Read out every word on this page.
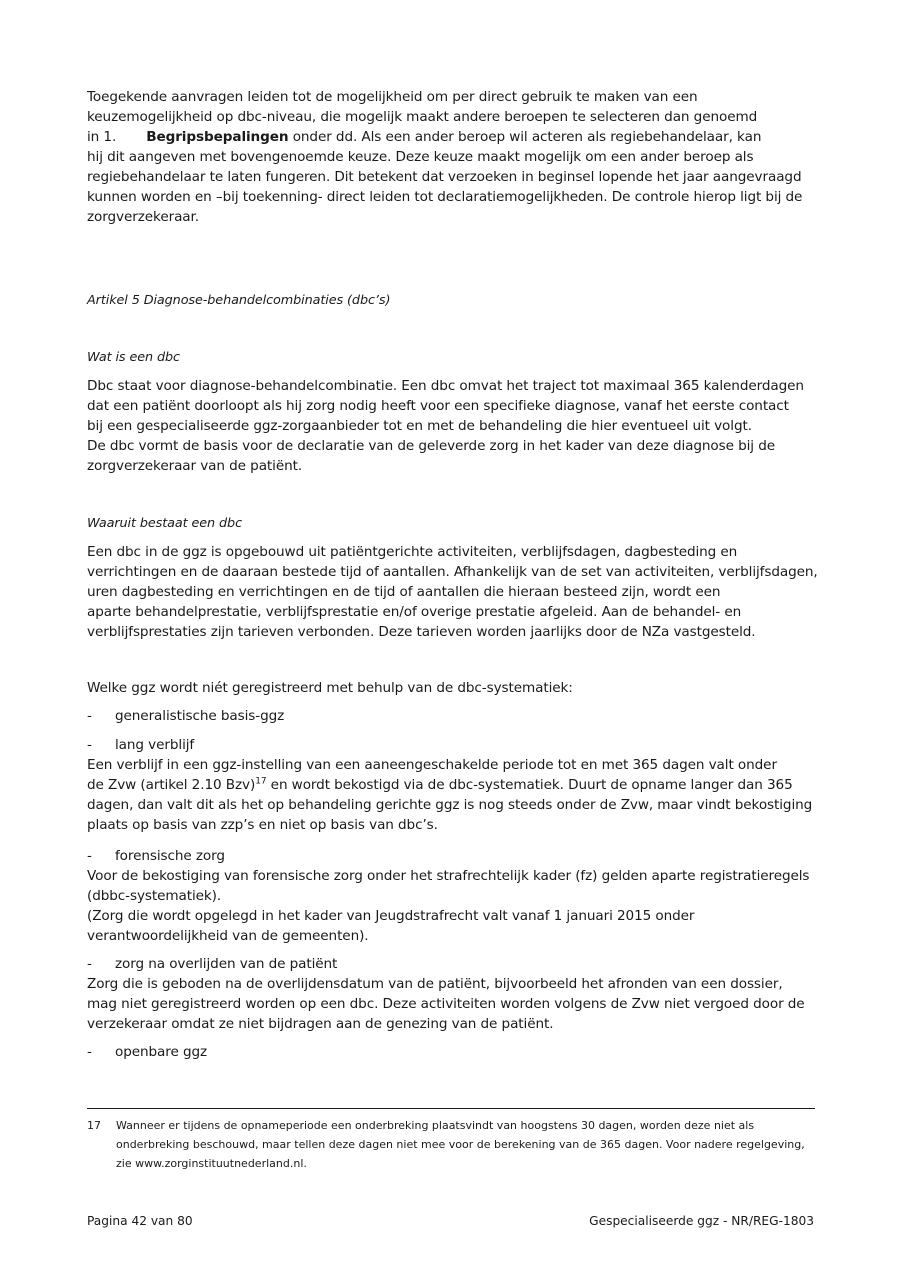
Toegekende aanvragen leiden tot de mogelijkheid om per direct gebruik te maken van een
keuzemogelijkheid op dbc-niveau, die mogelijk maakt andere beroepen te selecteren dan genoemd
in 1. Begripsbepalingen onder dd. Als een ander beroep wil acteren als regiebehandelaar, kan
hij dit aangeven met bovengenoemde keuze. Deze keuze maakt mogelijk om een ander beroep als
regiebehandelaar te laten fungeren. Dit betekent dat verzoeken in beginsel lopende het jaar aangevraagd
kunnen worden en –bij toekenning- direct leiden tot declaratiemogelijkheden. De controle hierop ligt bij de
zorgverzekeraar.
Artikel 5 Diagnose-behandelcombinaties (dbc’s)
Wat is een dbc
Dbc staat voor diagnose-behandelcombinatie. Een dbc omvat het traject tot maximaal 365 kalenderdagen
dat een patiënt doorloopt als hij zorg nodig heeft voor een specifieke diagnose, vanaf het eerste contact
bij een gespecialiseerde ggz-zorgaanbieder tot en met de behandeling die hier eventueel uit volgt.
De dbc vormt de basis voor de declaratie van de geleverde zorg in het kader van deze diagnose bij de
zorgverzekeraar van de patiënt.
Waaruit bestaat een dbc
Een dbc in de ggz is opgebouwd uit patiëntgerichte activiteiten, verblijfsdagen, dagbesteding en
verrichtingen en de daaraan bestede tijd of aantallen. Afhankelijk van de set van activiteiten, verblijfsdagen,
uren dagbesteding en verrichtingen en de tijd of aantallen die hieraan besteed zijn, wordt een
aparte behandelprestatie, verblijfsprestatie en/of overige prestatie afgeleid. Aan de behandel- en
verblijfsprestaties zijn tarieven verbonden. Deze tarieven worden jaarlijks door de NZa vastgesteld.
Welke ggz wordt niét geregistreerd met behulp van de dbc-systematiek:
- generalistische basis-ggz
- lang verblijf
Een verblijf in een ggz-instelling van een aaneengeschakelde periode tot en met 365 dagen valt onder
de Zvw (artikel 2.10 Bzv)$^{17}$ en wordt bekostigd via de dbc-systematiek. Duurt de opname langer dan 365
dagen, dan valt dit als het op behandeling gerichte ggz is nog steeds onder de Zvw, maar vindt bekostiging
plaats op basis van zzp’s en niet op basis van dbc’s.
- forensische zorg
Voor de bekostiging van forensische zorg onder het strafrechtelijk kader (fz) gelden aparte registratieregels
(dbbc-systematiek).
(Zorg die wordt opgelegd in het kader van Jeugdstrafrecht valt vanaf 1 januari 2015 onder
verantwoordelijkheid van de gemeenten).
- zorg na overlijden van de patiënt
Zorg die is geboden na de overlijdensdatum van de patiënt, bijvoorbeeld het afronden van een dossier,
mag niet geregistreerd worden op een dbc. Deze activiteiten worden volgens de Zvw niet vergoed door de
verzekeraar omdat ze niet bijdragen aan de genezing van de patiënt.
- openbare ggz
17 Wanneer er tijdens de opnameperiode een onderbreking plaatsvindt van hoogstens 30 dagen, worden deze niet als
onderbreking beschouwd, maar tellen deze dagen niet mee voor de berekening van de 365 dagen. Voor nadere regelgeving,
zie www.zorginstituutnederland.nl.
Pagina 42 van 80	Gespecialiseerde ggz - NR/REG-1803
